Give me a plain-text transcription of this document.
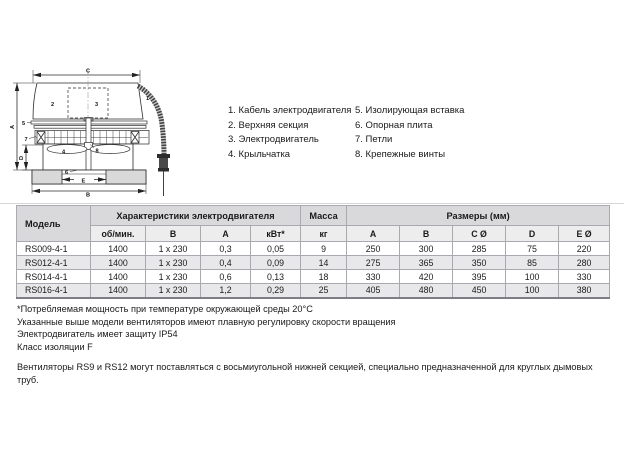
C
A
D
E
B
1
2	3
4
5
6
7
8
1. Кабель электродвигателя
2. Верхняя секция
3. Электродвигатель
4. Крыльчатка
5. Изолирующая вставка
6. Опорная плита
7. Петли
8. Крепежные винты
Модель	Характеристики электродвигателя				Масса	Размеры (мм)				
	об/мин.	В	А	кВт*	кг	A	B	C Ø	D	E Ø
RS009-4-1	1400	1 x 230	0,3	0,05	9	250	300	285	75	220
RS012-4-1	1400	1 x 230	0,4	0,09	14	275	365	350	85	280
RS014-4-1	1400	1 x 230	0,6	0,13	18	330	420	395	100	330
RS016-4-1	1400	1 x 230	1,2	0,29	25	405	480	450	100	380
*Потребляемая мощность при температуре окружающей среды 20°C
Указанные выше модели вентиляторов имеют плавную регулировку скорости вращения
Электродвигатель имеет защиту IP54
Класс изоляции F

Вентиляторы RS9 и RS12 могут поставляться с восьмиугольной нижней секцией, специально предназначенной для круглых дымовых труб.
